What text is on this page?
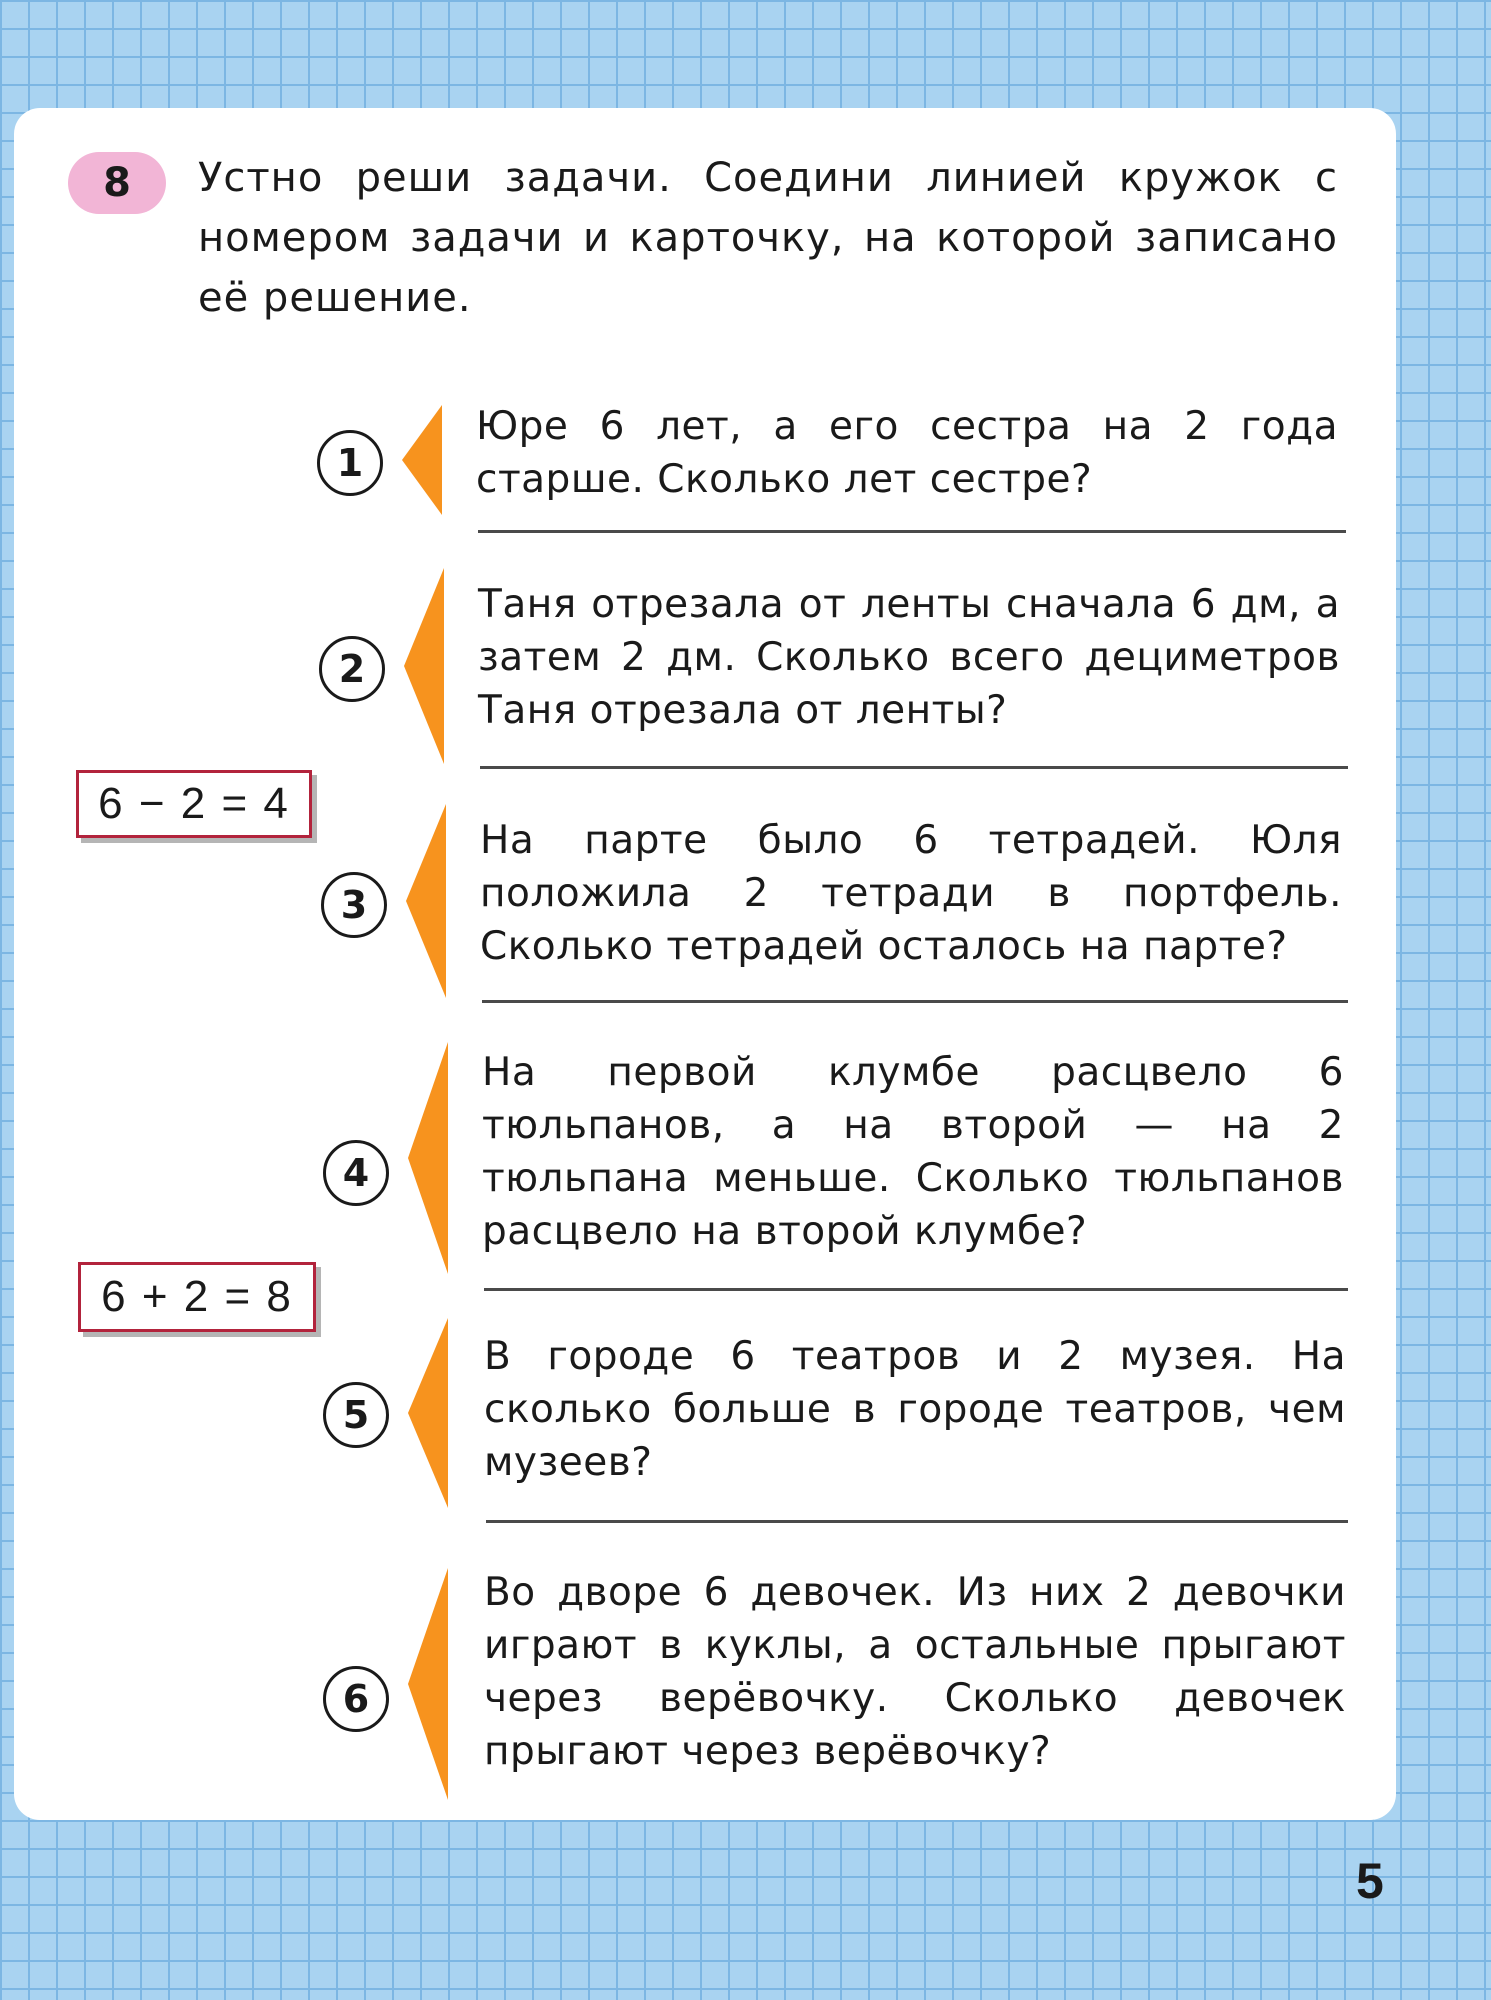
8	Устно реши задачи. Соедини линией кружок с номером задачи и карточку, на которой записано её решение.
1
Юре 6 лет, а его сестра на 2 года старше. Сколько лет сестре?
2
Таня отрезала от ленты сначала 6 дм, а затем 2 дм. Сколько всего дециметров Таня отрезала от ленты?
3
На парте было 6 тетрадей. Юля положила 2 тетради в портфель. Сколько тетрадей осталось на парте?
4
На первой клумбе расцвело 6 тюльпанов, а на второй — на 2 тюльпана меньше. Сколько тюльпанов расцвело на второй клумбе?
5
В городе 6 театров и 2 музея. На сколько больше в городе театров, чем музеев?
6
Во дворе 6 девочек. Из них 2 девочки играют в куклы, а остальные прыгают через верёвочку. Сколько девочек прыгают через верёвочку?
6 − 2 = 4
6 + 2 = 8
5
